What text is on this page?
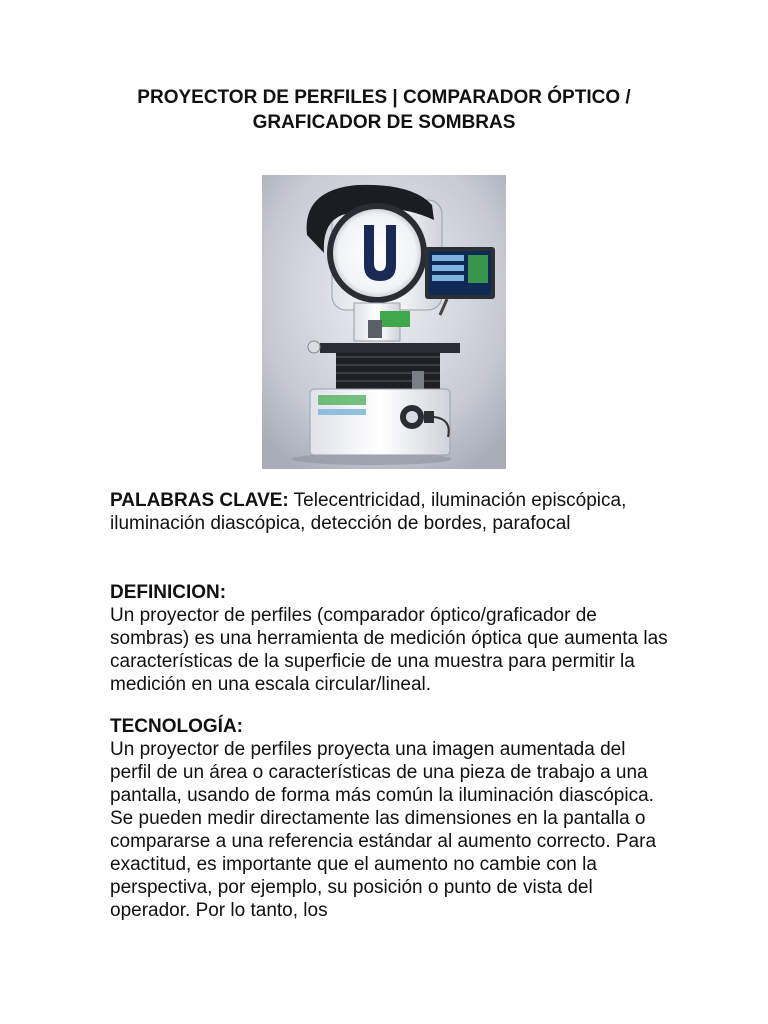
PROYECTOR DE PERFILES | COMPARADOR ÓPTICO /
GRAFICADOR DE SOMBRAS

PALABRAS CLAVE: Telecentricidad, iluminación episcópica, iluminación diascópica, detección de bordes, parafocal

DEFINICION:

Un proyector de perfiles (comparador óptico/graficador de sombras) es una herramienta de medición óptica que aumenta las características de la superficie de una muestra para permitir la medición en una escala circular/lineal.

TECNOLOGÍA:

Un proyector de perfiles proyecta una imagen aumentada del perfil de un área o características de una pieza de trabajo a una pantalla, usando de forma más común la iluminación diascópica. Se pueden medir directamente las dimensiones en la pantalla o compararse a una referencia estándar al aumento correcto. Para exactitud, es importante que el aumento no cambie con la perspectiva, por ejemplo, su posición o punto de vista del operador. Por lo tanto, los
